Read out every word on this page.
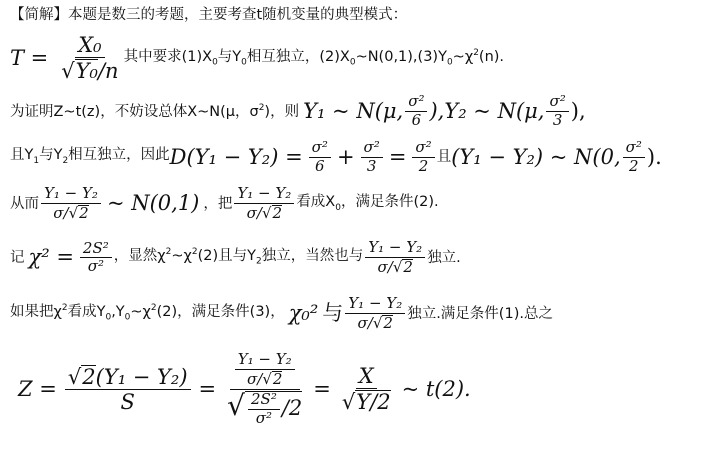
【简解】本题是数三的考题，主要考查t随机变量的典型模式：
$T = \frac{\text{X₀}}{\text{√Y₀/n}}$ 其中要求$(1)X_0$与$Y_0$相互独立，$(2)X_0\sim N(0,1),(3)Y_0\sim\chi^2(n)$.
为证明Z~t(z)，不妨设总体X~N(μ，$\sigma^2$)，则 Y₁ ~ N(μ, $\frac{\text{σ²}}{6} ),Y_2$ ~ N(μ, $\frac{\text{σ²}}{3}$ ),
且$Y_1$与$Y_2$相互独立，因此 $D(Y_1 - Y_2) = \frac{\text{σ²}}{6} + \frac{\text{σ²}}{3} = \frac{\text{σ²}}{2}$ 且 (Y₁ − Y₂) ~ N(0, $\frac{\text{σ²}}{2}$ ).
从而 $\frac{\text{Y₁ − Y₂}}{\sigma/√2}$ ~ N(0,1) ，把 $\frac{\text{Y₁ − Y₂}}{\sigma/√2}$ 看成$X_0$，满足条件(2).
记 $\chi^2 = \frac{\text{2S²}}{\text{σ²}}$ ，显然$\chi^2\sim\chi^2(2)$且与$Y_2$独立，当然也与 $\frac{\text{Y₁ − Y₂}}{\sigma/√2}$ 独立.
如果把$\chi^2$看成$Y_0,Y_0\sim\chi^2(2)$，满足条件(3)， χ₀² 与 $\frac{\text{Y₁ − Y₂}}{\sigma/√2}$ 独立.满足条件(1).总之
$Z = \frac{\text{√2(Y₁ − Y₂)}}{S} = \frac{\frac{\text{Y₁ − Y₂}}{\sigma/√2}}{√ \frac{\text{2S²}}{\text{σ²}} /2} = \frac{X}{√Y/2}$ ~ t(2).
